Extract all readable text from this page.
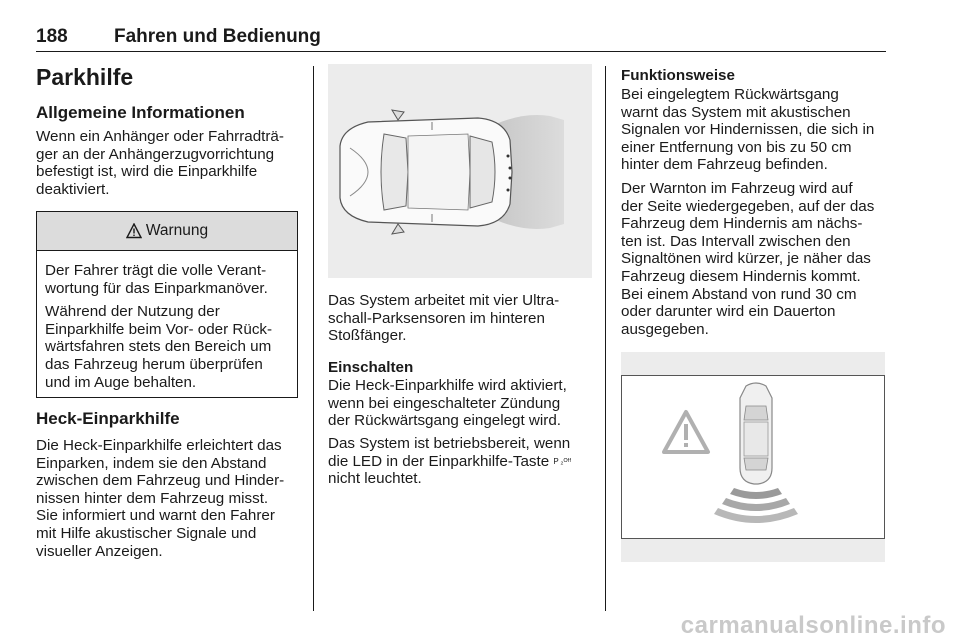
188 Fahren und Bedienung
Parkhilfe
Allgemeine Informationen
Wenn ein Anhänger oder Fahrradträ-
ger an der Anhängerzugvorrichtung
befestigt ist, wird die Einparkhilfe
deaktiviert.
Warnung
Der Fahrer trägt die volle Verant-
wortung für das Einparkmanöver.
Während der Nutzung der
Einparkhilfe beim Vor- oder Rück-
wärtsfahren stets den Bereich um
das Fahrzeug herum überprüfen
und im Auge behalten.
Heck-Einparkhilfe
Die Heck-Einparkhilfe erleichtert das
Einparken, indem sie den Abstand
zwischen dem Fahrzeug und Hinder-
nissen hinter dem Fahrzeug misst.
Sie informiert und warnt den Fahrer
mit Hilfe akustischer Signale und
visueller Anzeigen.
Das System arbeitet mit vier Ultra-
schall-Parksensoren im hinteren
Stoßfänger.
Einschalten
Die Heck-Einparkhilfe wird aktiviert,
wenn bei eingeschalteter Zündung
der Rückwärtsgang eingelegt wird.
Das System ist betriebsbereit, wenn
die LED in der Einparkhilfe-Taste P ₂ᴼᶠᶠ
nicht leuchtet.
Funktionsweise
Bei eingelegtem Rückwärtsgang
warnt das System mit akustischen
Signalen vor Hindernissen, die sich in
einer Entfernung von bis zu 50 cm
hinter dem Fahrzeug befinden.
Der Warnton im Fahrzeug wird auf
der Seite wiedergegeben, auf der das
Fahrzeug dem Hindernis am nächs-
ten ist. Das Intervall zwischen den
Signaltönen wird kürzer, je näher das
Fahrzeug diesem Hindernis kommt.
Bei einem Abstand von rund 30 cm
oder darunter wird ein Dauerton
ausgegeben.
carmanualsonline.info
